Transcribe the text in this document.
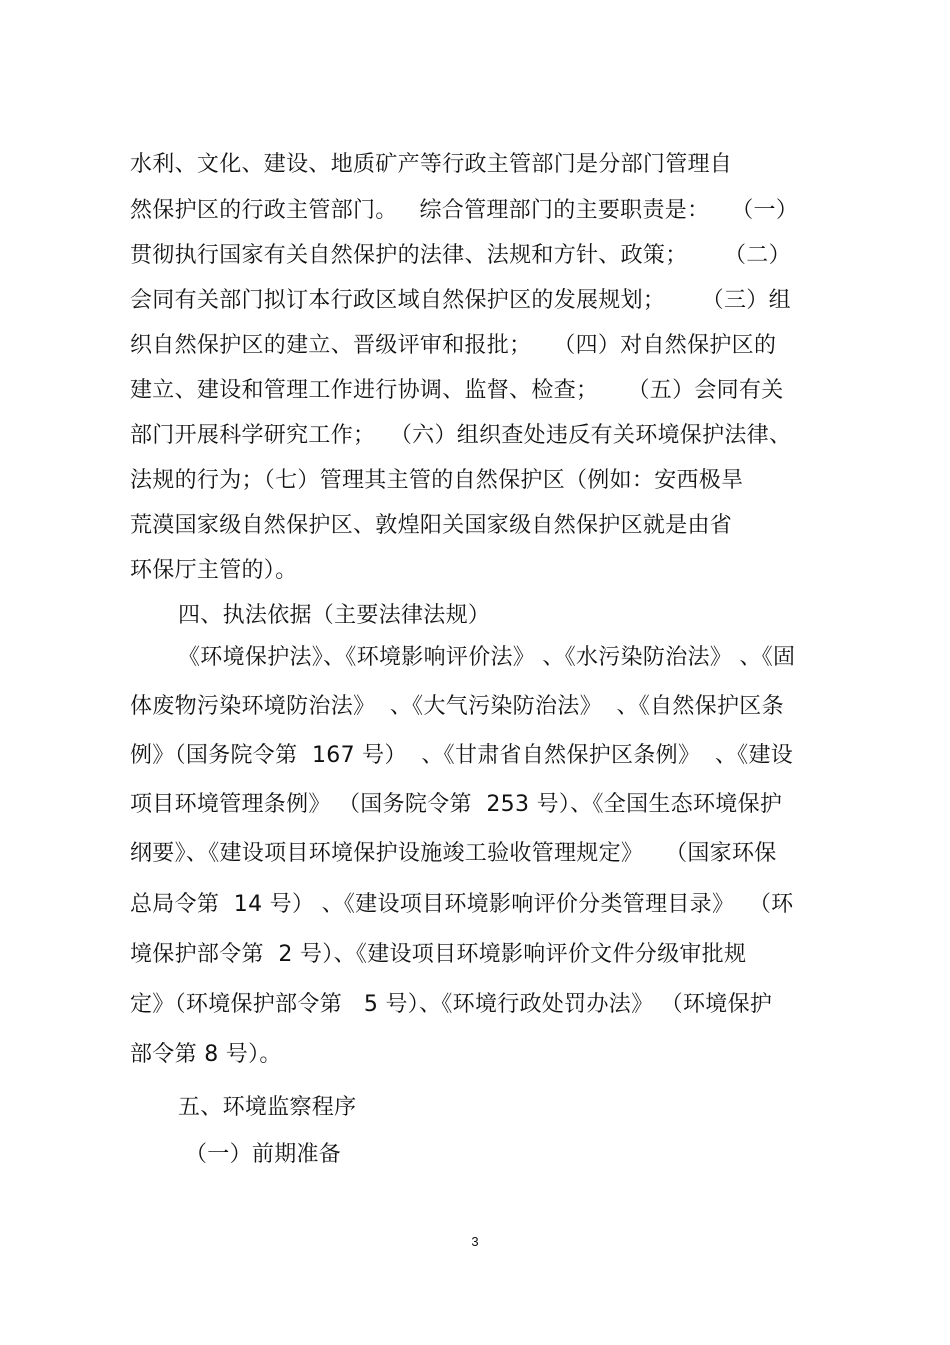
水利、文化、建设、地质矿产等行政主管部门是分部门管理自
然保护区的行政主管部门。   综合管理部门的主要职责是：   （一）
贯彻执行国家有关自然保护的法律、法规和方针、政策；     （二）
会同有关部门拟订本行政区域自然保护区的发展规划；     （三）组
织自然保护区的建立、晋级评审和报批；   （四）对自然保护区的
建立、建设和管理工作进行协调、监督、检查；    （五）会同有关
部门开展科学研究工作；  （六）组织查处违反有关环境保护法律、
法规的行为；（七）管理其主管的自然保护区（例如：安西极旱
荒漠国家级自然保护区、敦煌阳关国家级自然保护区就是由省
环保厅主管的）。
四、执法依据（主要法律法规）
《环境保护法》、《环境影响评价法》 、《水污染防治法》 、《固
体废物污染环境防治法》  、《大气污染防治法》  、《自然保护区条
例》（国务院令第  167 号）  、《甘肃省自然保护区条例》  、《建设
项目环境管理条例》 （国务院令第  253 号）、《全国生态环境保护
纲要》、《建设项目环境保护设施竣工验收管理规定》   （国家环保
总局令第  14 号） 、《建设项目环境影响评价分类管理目录》  （环
境保护部令第  2 号）、《建设项目环境影响评价文件分级审批规
定》（环境保护部令第   5 号）、《环境行政处罚办法》 （环境保护
部令第 8 号）。
五、环境监察程序
（一）前期准备
3
